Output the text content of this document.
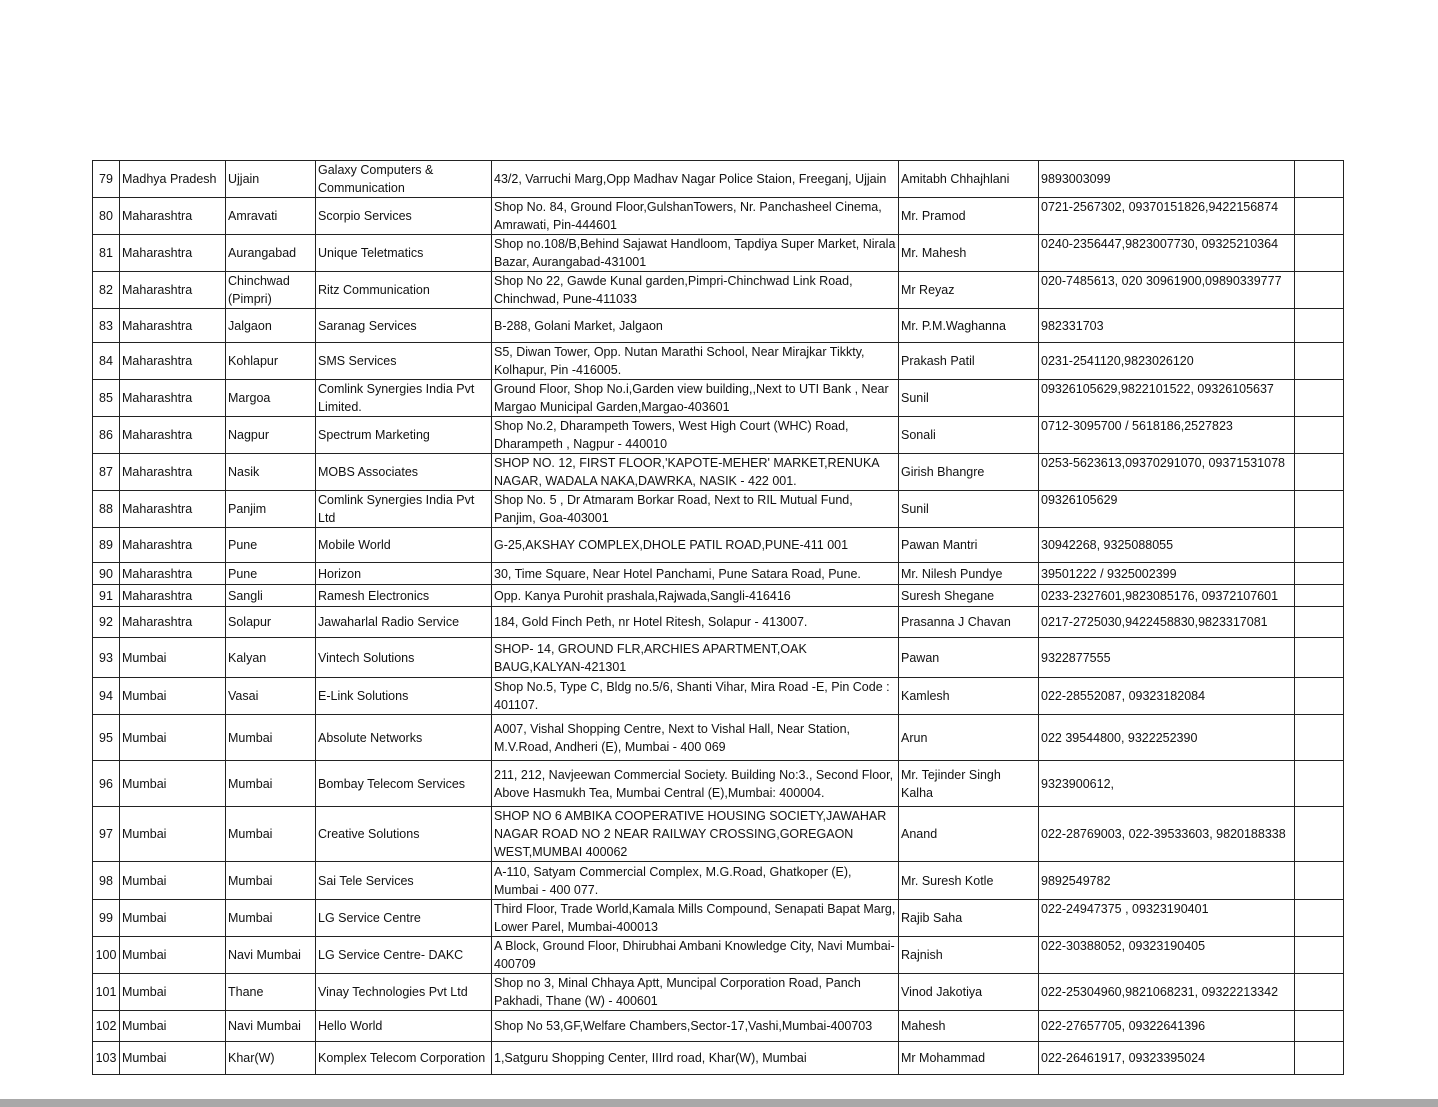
79	Madhya Pradesh	Ujjain	Galaxy Computers & Communication	43/2, Varruchi Marg,Opp Madhav Nagar Police Staion, Freeganj, Ujjain	Amitabh Chhajhlani	9893003099	
80	Maharashtra	Amravati	Scorpio Services	Shop No. 84, Ground Floor,GulshanTowers, Nr. Panchasheel Cinema, Amrawati, Pin-444601	Mr. Pramod	0721-2567302, 09370151826,9422156874	
81	Maharashtra	Aurangabad	Unique Teletmatics	Shop no.108/B,Behind Sajawat Handloom, Tapdiya Super Market, Nirala Bazar, Aurangabad-431001	Mr. Mahesh	0240-2356447,9823007730, 09325210364	
82	Maharashtra	Chinchwad (Pimpri)	Ritz Communication	Shop No 22, Gawde Kunal garden,Pimpri-Chinchwad Link Road, Chinchwad, Pune-411033	Mr Reyaz	020-7485613, 020 30961900,09890339777	
83	Maharashtra	Jalgaon	Saranag Services	B-288, Golani Market, Jalgaon	Mr. P.M.Waghanna	982331703	
84	Maharashtra	Kohlapur	SMS Services	S5, Diwan Tower, Opp. Nutan Marathi School, Near Mirajkar Tikkty, Kolhapur, Pin -416005.	Prakash Patil	0231-2541120,9823026120	
85	Maharashtra	Margoa	Comlink Synergies India Pvt Limited.	Ground Floor, Shop No.i,Garden view building,,Next to UTI Bank , Near Margao Municipal Garden,Margao-403601	Sunil	09326105629,9822101522, 09326105637	
86	Maharashtra	Nagpur	Spectrum Marketing	Shop No.2, Dharampeth Towers, West High Court (WHC) Road, Dharampeth , Nagpur - 440010	Sonali	0712-3095700 / 5618186,2527823	
87	Maharashtra	Nasik	MOBS Associates	SHOP NO. 12, FIRST FLOOR,'KAPOTE-MEHER' MARKET,RENUKA NAGAR, WADALA NAKA,DAWRKA, NASIK - 422 001.	Girish Bhangre	0253-5623613,09370291070, 09371531078	
88	Maharashtra	Panjim	Comlink Synergies India Pvt Ltd	Shop No. 5 , Dr Atmaram Borkar Road, Next to RIL Mutual Fund, Panjim, Goa-403001	Sunil	09326105629	
89	Maharashtra	Pune	Mobile World	G-25,AKSHAY COMPLEX,DHOLE PATIL ROAD,PUNE-411 001	Pawan Mantri	30942268, 9325088055	
90	Maharashtra	Pune	Horizon	30, Time Square, Near Hotel Panchami, Pune Satara Road, Pune.	Mr. Nilesh Pundye	39501222 / 9325002399	
91	Maharashtra	Sangli	Ramesh Electronics	Opp. Kanya Purohit prashala,Rajwada,Sangli-416416	Suresh Shegane	0233-2327601,9823085176, 09372107601	
92	Maharashtra	Solapur	Jawaharlal Radio Service	184, Gold Finch Peth, nr Hotel Ritesh, Solapur - 413007.	Prasanna J Chavan	0217-2725030,9422458830,9823317081	
93	Mumbai	Kalyan	Vintech Solutions	SHOP- 14, GROUND FLR,ARCHIES APARTMENT,OAK BAUG,KALYAN-421301	Pawan	9322877555	
94	Mumbai	Vasai	E-Link Solutions	Shop No.5, Type C, Bldg no.5/6, Shanti Vihar, Mira Road -E, Pin Code : 401107.	Kamlesh	022-28552087, 09323182084	
95	Mumbai	Mumbai	Absolute Networks	A007, Vishal Shopping Centre, Next to Vishal Hall, Near Station, M.V.Road, Andheri (E), Mumbai - 400 069	Arun	022 39544800, 9322252390	
96	Mumbai	Mumbai	Bombay Telecom Services	211, 212, Navjeewan Commercial Society. Building No:3., Second Floor, Above Hasmukh Tea, Mumbai Central (E),Mumbai: 400004.	Mr. Tejinder Singh Kalha	9323900612,	
97	Mumbai	Mumbai	Creative Solutions	SHOP NO 6 AMBIKA COOPERATIVE HOUSING SOCIETY,JAWAHAR NAGAR ROAD NO 2 NEAR RAILWAY CROSSING,GOREGAON WEST,MUMBAI 400062	Anand	022-28769003, 022-39533603, 9820188338	
98	Mumbai	Mumbai	Sai Tele Services	A-110, Satyam Commercial Complex, M.G.Road, Ghatkoper (E), Mumbai - 400 077.	Mr. Suresh Kotle	9892549782	
99	Mumbai	Mumbai	LG Service Centre	Third Floor, Trade World,Kamala Mills Compound, Senapati Bapat Marg, Lower Parel, Mumbai-400013	Rajib Saha	022-24947375 , 09323190401	
100	Mumbai	Navi Mumbai	LG Service Centre- DAKC	A Block, Ground Floor, Dhirubhai Ambani Knowledge City, Navi Mumbai-400709	Rajnish	022-30388052, 09323190405	
101	Mumbai	Thane	Vinay Technologies Pvt Ltd	Shop no 3, Minal Chhaya Aptt, Muncipal Corporation Road, Panch Pakhadi, Thane (W) - 400601	Vinod Jakotiya	022-25304960,9821068231, 09322213342	
102	Mumbai	Navi Mumbai	Hello World	Shop No 53,GF,Welfare Chambers,Sector-17,Vashi,Mumbai-400703	Mahesh	022-27657705, 09322641396	
103	Mumbai	Khar(W)	Komplex Telecom Corporation	1,Satguru Shopping Center, IIIrd road, Khar(W), Mumbai	Mr Mohammad	022-26461917, 09323395024	
